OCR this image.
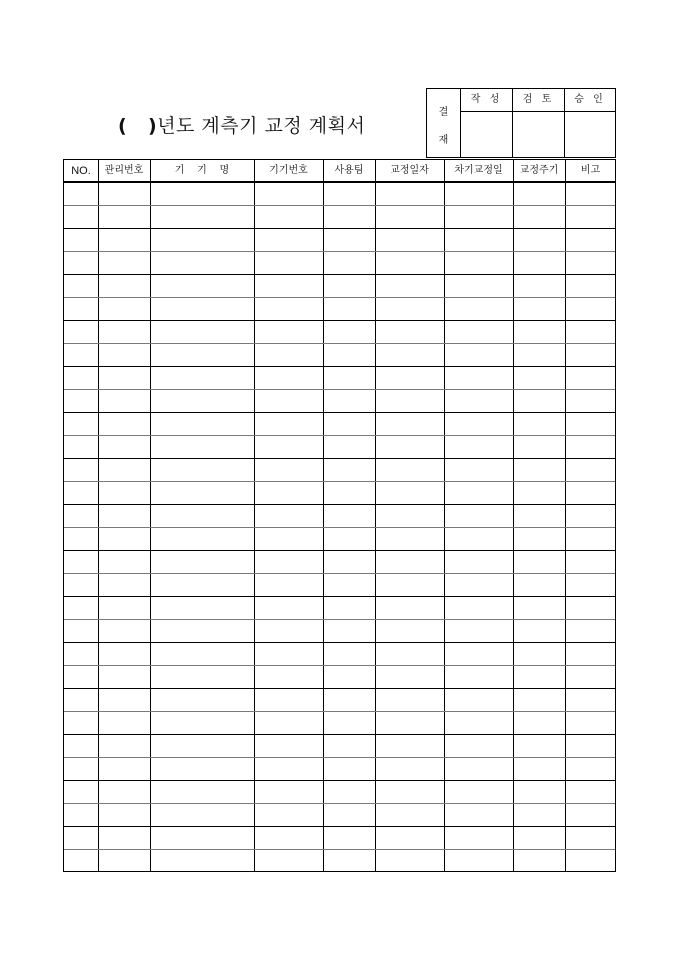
( )년도 계측기 교정 계획서
결
재
작 성	검 토	승 인
NO.	관리번호	기    기    명	기기번호	사용팀	교정일자	차기교정일	교정주기	비고
